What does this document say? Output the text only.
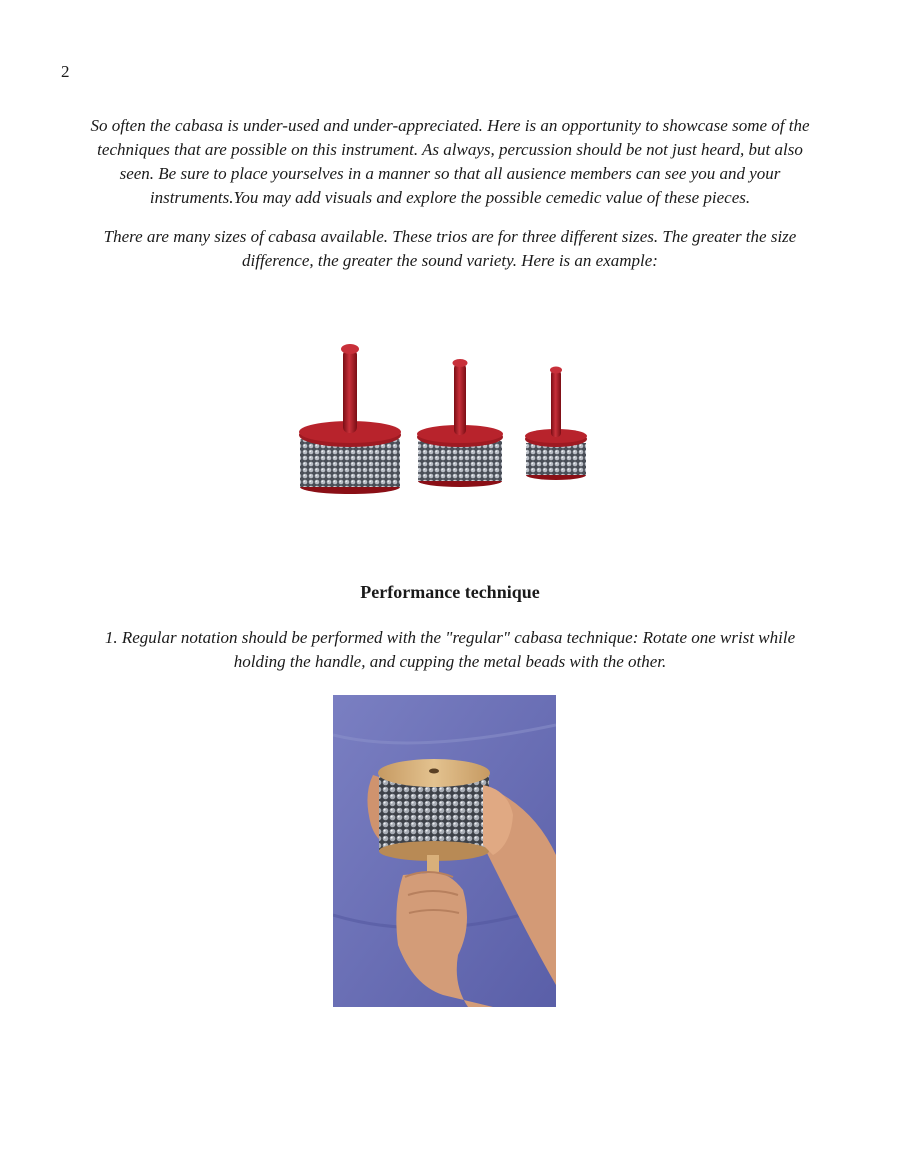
2

So often the cabasa is under-used and under-appreciated. Here is an opportunity to showcase some of the techniques that are possible on this instrument. As always, percussion should be not just heard, but also seen. Be sure to place yourselves in a manner so that all ausience members can see you and your instruments.You may add visuals and explore the possible cemedic value of these pieces.

There are many sizes of cabasa available. These trios are for three different sizes. The greater the size difference, the greater the sound variety. Here is an example:

Performance technique

1. Regular notation should be performed with the "regular" cabasa technique: Rotate one wrist while holding the handle, and cupping the metal beads with the other.
